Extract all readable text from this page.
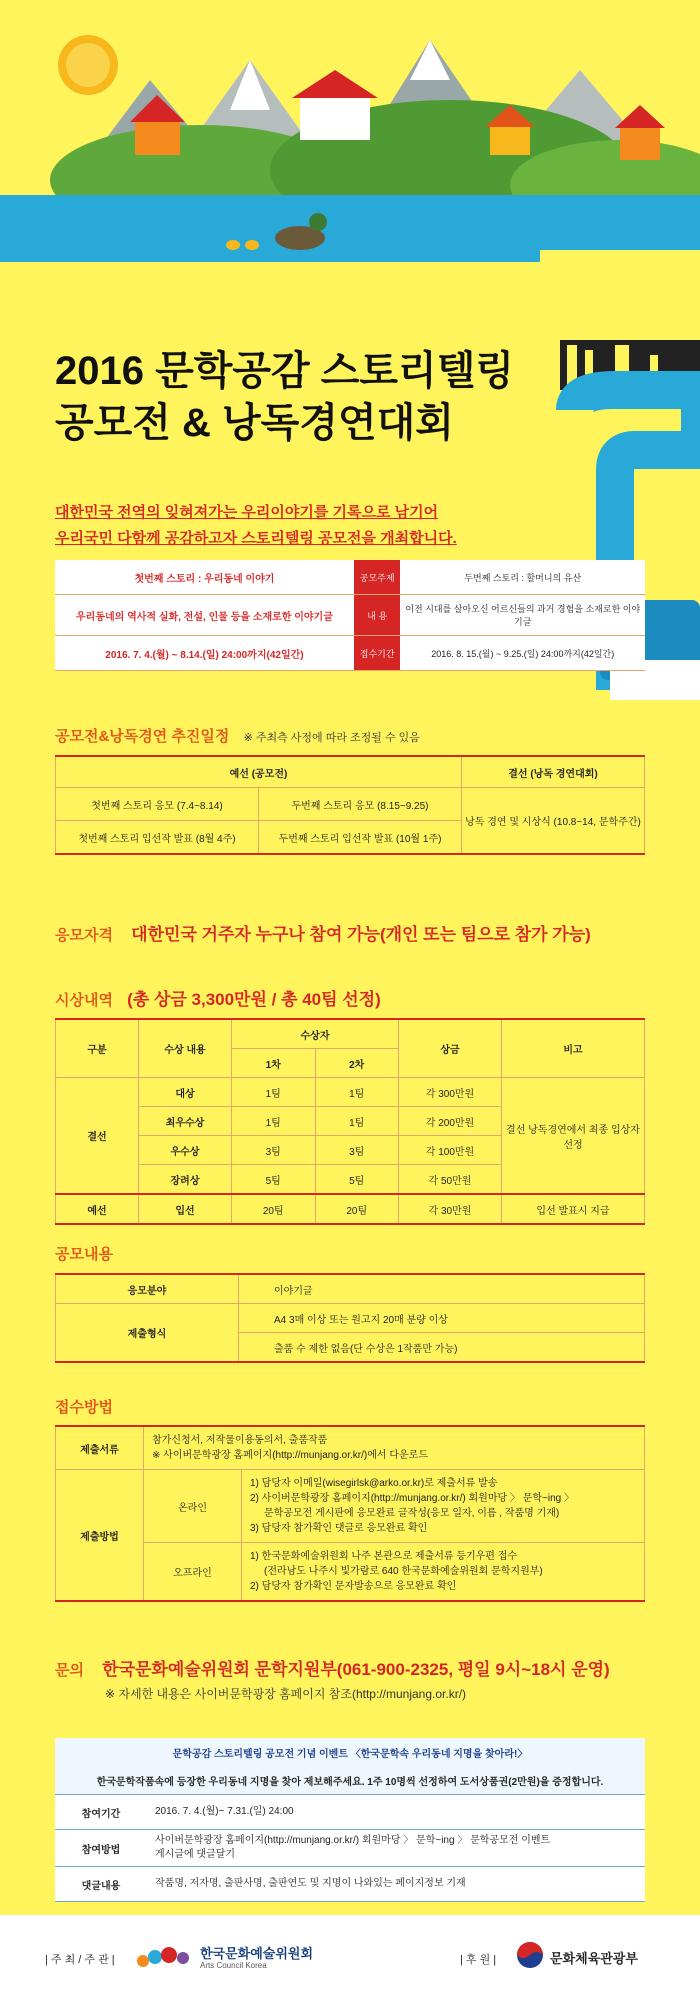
2016 문학공감 스토리텔링
공모전 & 낭독경연대회
대한민국 전역의 잊혀져가는 우리이야기를 기록으로 남기어
우리국민 다함께 공감하고자 스토리텔링 공모전을 개최합니다.
첫번째 스토리 : 우리동네 이야기	공모주제	두번째 스토리 : 할머니의 유산
우리동네의 역사적 실화, 전설, 인물 등을 소재로한 이야기글	내 용	이전 시대를 살아오신 어르신들의 과거 경험을 소재로한 이야기글
2016. 7. 4.(월) ~ 8.14.(일) 24:00까지(42일간)	접수기간	2016. 8. 15.(월) ~ 9.25.(일) 24:00까지(42일간)
공모전&낭독경연 추진일정 ※ 주최측 사정에 따라 조정될 수 있음
예선 (공모전)		결선 (낭독 경연대회)
첫번째 스토리 응모 (7.4~8.14)	두번째 스토리 응모 (8.15~9.25)	낭독 경연 및 시상식 (10.8~14, 문학주간)
첫번째 스토리 입선작 발표 (8월 4주)	두번째 스토리 입선작 발표 (10월 1주)	
응모자격 대한민국 거주자 누구나 참여 가능(개인 또는 팀으로 참가 가능)
시상내역 (총 상금 3,300만원 / 총 40팀 선정)
구분	수상 내용	수상자		상금	비고
		1차	2차		
결선	대상	1팀	1팀	각 300만원	결선 낭독경연에서 최종 입상자 선정
	최우수상	1팀	1팀	각 200만원	
	우수상	3팀	3팀	각 100만원	
	장려상	5팀	5팀	각 50만원	
예선	입선	20팀	20팀	각 30만원	입선 발표시 지급
공모내용
응모분야	이야기글
제출형식	A4 3매 이상 또는 원고지 20매 분량 이상
	출품 수 제한 없음(단 수상은 1작품만 가능)
접수방법
제출서류	참가신청서, 저작물이용동의서, 출품작품
※ 사이버문학광장 홈페이지(http://munjang.or.kr/)에서 다운로드	

제출방법	온라인	1) 담당자 이메일(wisegirlsk@arko.or.kr)로 제출서류 발송
2) 사이버문학광장 홈페이지(http://munjang.or.kr/) 회원마당 〉 문학~ing 〉
문학공모전 게시판에 응모완료 글작성(응모 일자, 이름 , 작품명 기재)
3) 담당자 참가확인 댓글로 응모완료 확인

	오프라인	1) 한국문화예술위원회 나주 본관으로 제출서류 등기우편 접수
(전라남도 나주시 빛가람로 640 한국문화예술위원회 문학지원부)
2) 담당자 참가확인 문자발송으로 응모완료 확인
문의 한국문화예술위원회 문학지원부(061-900-2325, 평일 9시~18시 운영)
※ 자세한 내용은 사이버문학광장 홈페이지 참조(http://munjang.or.kr/)
문학공감 스토리텔링 공모전 기념 이벤트 〈한국문학속 우리동네 지명을 찾아라!〉	
한국문학작품속에 등장한 우리동네 지명을 찾아 제보해주세요. 1주 10명씩 선정하여 도서상품권(2만원)을 증정합니다.	
참여기간	2016. 7. 4.(월)~ 7.31.(일) 24:00
참여방법	사이버문학광장 홈페이지(http://munjang.or.kr/) 회원마당 〉 문학~ing 〉 문학공모전 이벤트
게시글에 댓글달기

댓글내용	작품명, 저자명, 출판사명, 출판연도 및 지명이 나와있는 페이지정보 기재
| 주 최 / 주 관 |	한국문화예술위원회
Arts Council Korea	| 후 원 |	문화체육관광부
